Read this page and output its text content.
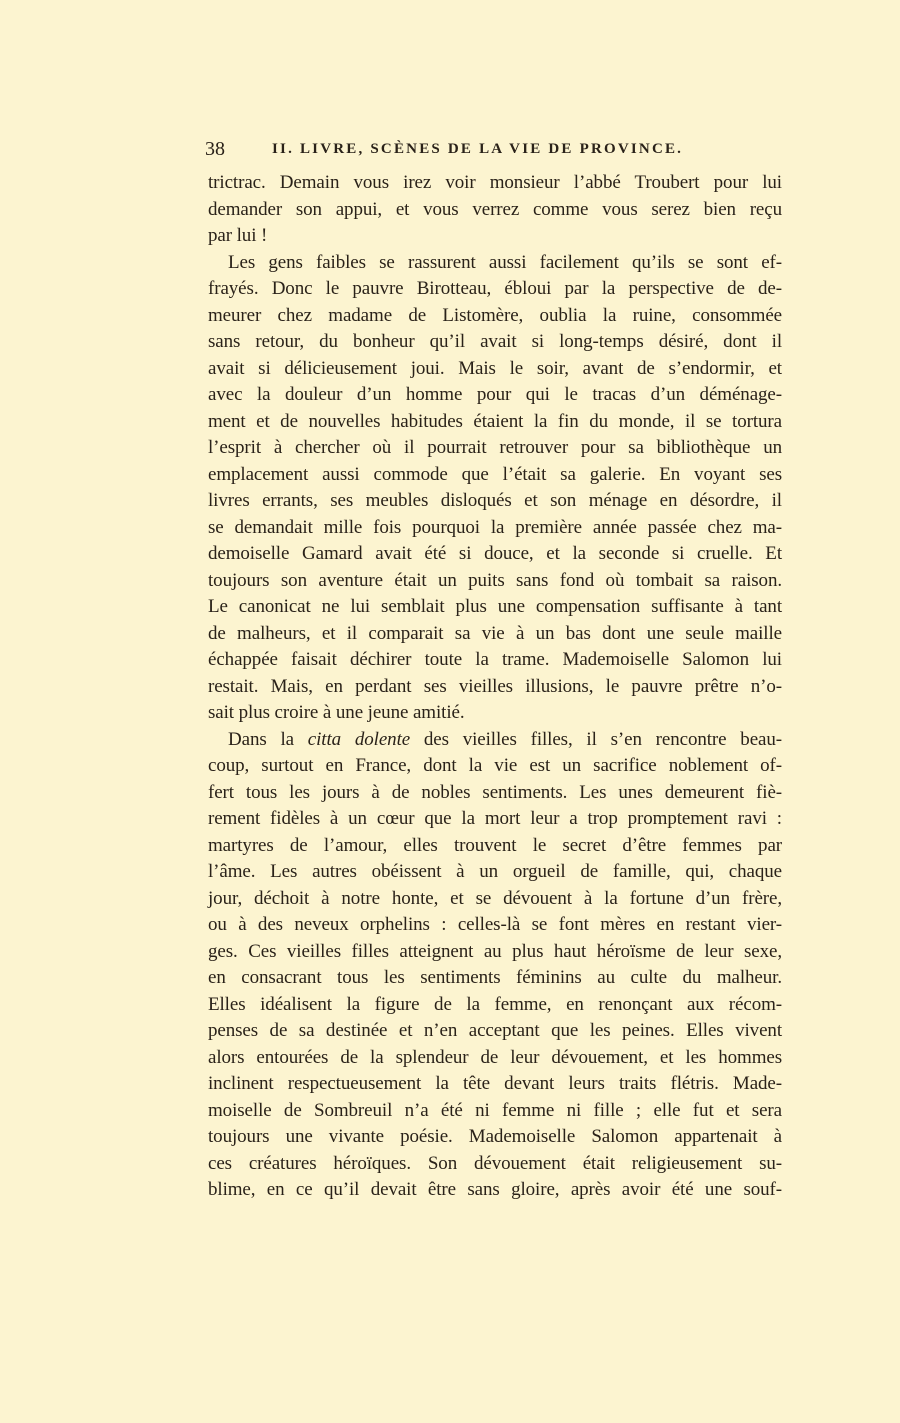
38	II. LIVRE, SCÈNES DE LA VIE DE PROVINCE.
trictrac. Demain vous irez voir monsieur l’abbé Troubert pour lui
demander son appui, et vous verrez comme vous serez bien reçu
par lui !
Les gens faibles se rassurent aussi facilement qu’ils se sont ef-
frayés. Donc le pauvre Birotteau, ébloui par la perspective de de-
meurer chez madame de Listomère, oublia la ruine, consommée
sans retour, du bonheur qu’il avait si long-temps désiré, dont il
avait si délicieusement joui. Mais le soir, avant de s’endormir, et
avec la douleur d’un homme pour qui le tracas d’un déménage-
ment et de nouvelles habitudes étaient la fin du monde, il se tortura
l’esprit à chercher où il pourrait retrouver pour sa bibliothèque un
emplacement aussi commode que l’était sa galerie. En voyant ses
livres errants, ses meubles disloqués et son ménage en désordre, il
se demandait mille fois pourquoi la première année passée chez ma-
demoiselle Gamard avait été si douce, et la seconde si cruelle. Et
toujours son aventure était un puits sans fond où tombait sa raison.
Le canonicat ne lui semblait plus une compensation suffisante à tant
de malheurs, et il comparait sa vie à un bas dont une seule maille
échappée faisait déchirer toute la trame. Mademoiselle Salomon lui
restait. Mais, en perdant ses vieilles illusions, le pauvre prêtre n’o-
sait plus croire à une jeune amitié.
Dans la citta dolente des vieilles filles, il s’en rencontre beau-
coup, surtout en France, dont la vie est un sacrifice noblement of-
fert tous les jours à de nobles sentiments. Les unes demeurent fiè-
rement fidèles à un cœur que la mort leur a trop promptement ravi :
martyres de l’amour, elles trouvent le secret d’être femmes par
l’âme. Les autres obéissent à un orgueil de famille, qui, chaque
jour, déchoit à notre honte, et se dévouent à la fortune d’un frère,
ou à des neveux orphelins : celles-là se font mères en restant vier-
ges. Ces vieilles filles atteignent au plus haut héroïsme de leur sexe,
en consacrant tous les sentiments féminins au culte du malheur.
Elles idéalisent la figure de la femme, en renonçant aux récom-
penses de sa destinée et n’en acceptant que les peines. Elles vivent
alors entourées de la splendeur de leur dévouement, et les hommes
inclinent respectueusement la tête devant leurs traits flétris. Made-
moiselle de Sombreuil n’a été ni femme ni fille ; elle fut et sera
toujours une vivante poésie. Mademoiselle Salomon appartenait à
ces créatures héroïques. Son dévouement était religieusement su-
blime, en ce qu’il devait être sans gloire, après avoir été une souf-
